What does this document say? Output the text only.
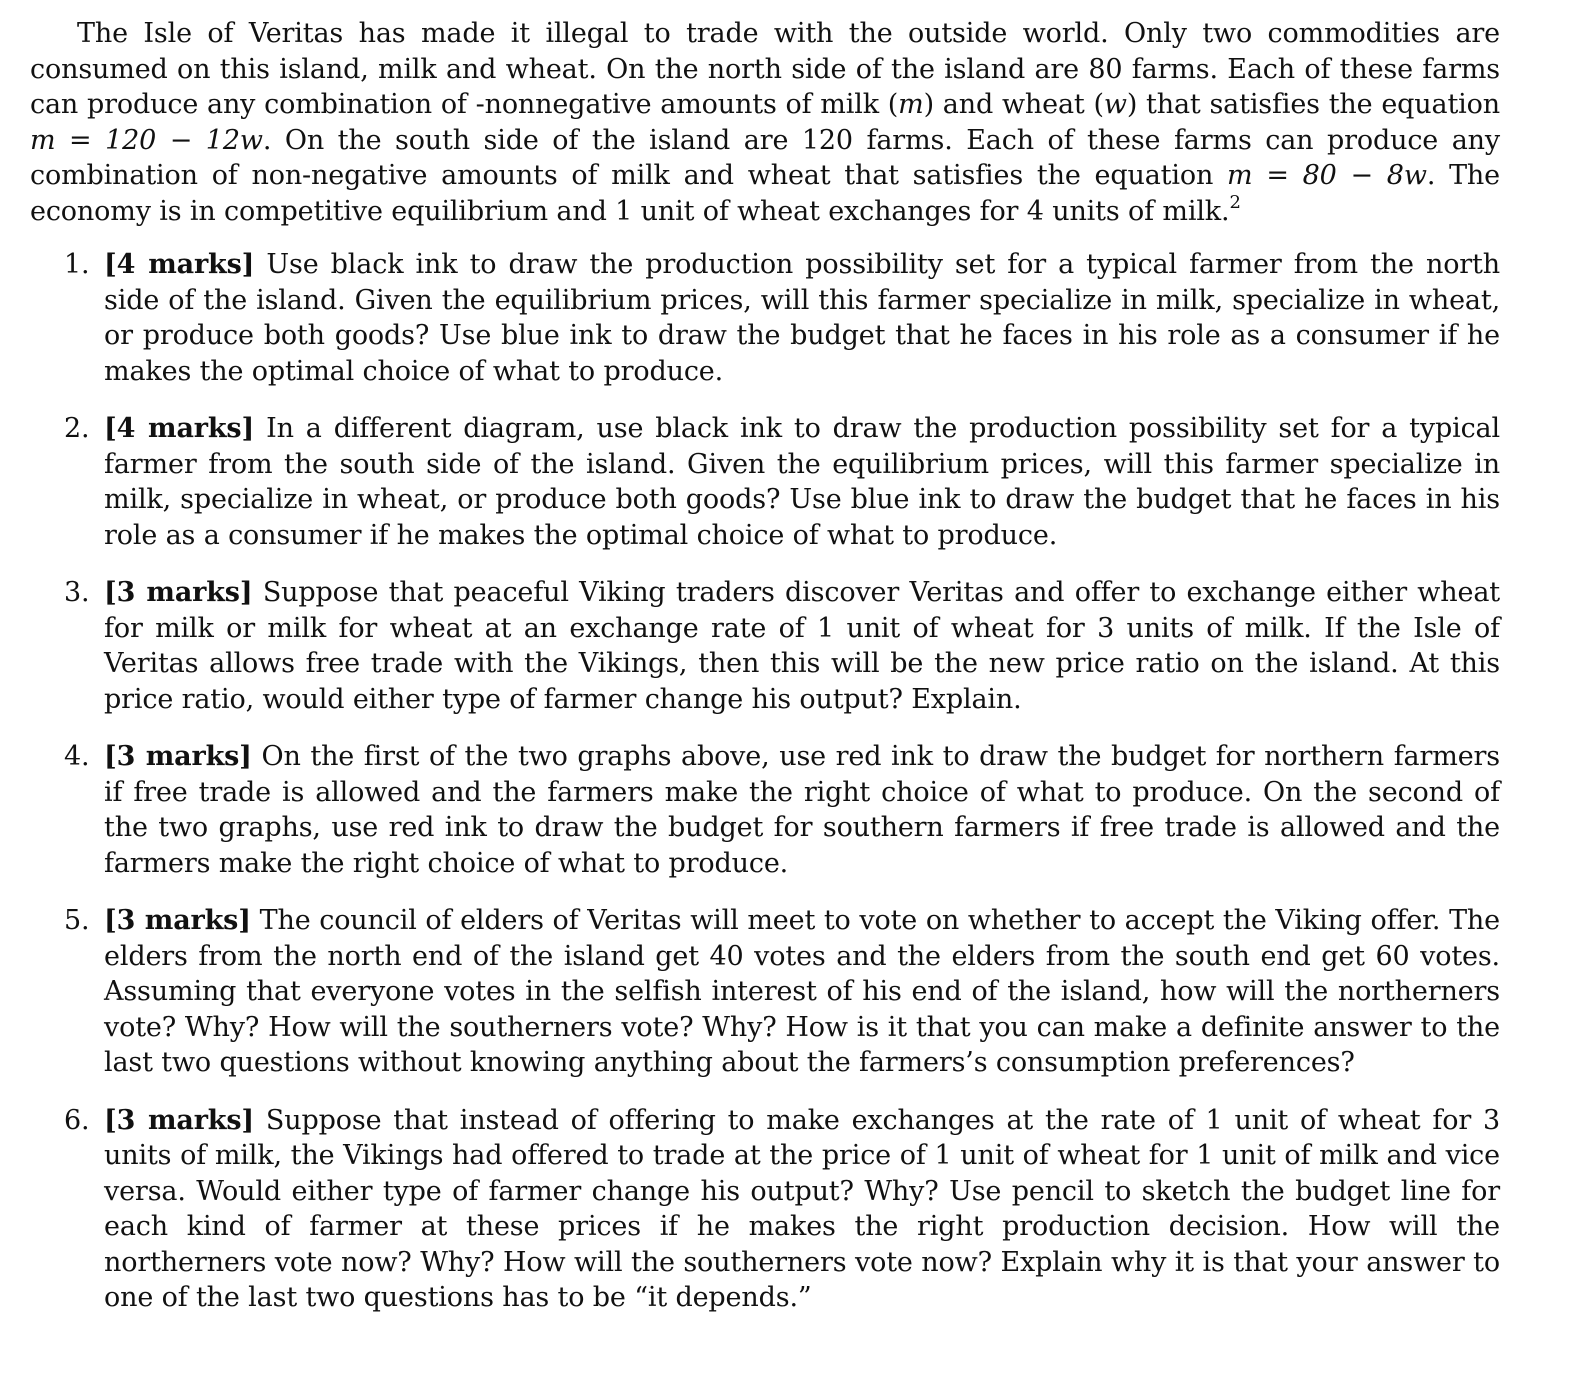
The Isle of Veritas has made it illegal to trade with the outside world. Only two commodities are consumed on this island, milk and wheat. On the north side of the island are 80 farms. Each of these farms can produce any combination of -nonnegative amounts of milk (m) and wheat (w) that satisfies the equation m = 120 − 12w. On the south side of the island are 120 farms. Each of these farms can produce any combination of non-negative amounts of milk and wheat that satisfies the equation m = 80 − 8w. The economy is in competitive equilibrium and 1 unit of wheat exchanges for 4 units of milk.$^2$

1. [4 marks] Use black ink to draw the production possibility set for a typical farmer from the north side of the island. Given the equilibrium prices, will this farmer specialize in milk, specialize in wheat, or produce both goods? Use blue ink to draw the budget that he faces in his role as a consumer if he makes the optimal choice of what to produce.
2. [4 marks] In a different diagram, use black ink to draw the production possibility set for a typical farmer from the south side of the island. Given the equilibrium prices, will this farmer specialize in milk, specialize in wheat, or produce both goods? Use blue ink to draw the budget that he faces in his role as a consumer if he makes the optimal choice of what to produce.
3. [3 marks] Suppose that peaceful Viking traders discover Veritas and offer to exchange either wheat for milk or milk for wheat at an exchange rate of 1 unit of wheat for 3 units of milk. If the Isle of Veritas allows free trade with the Vikings, then this will be the new price ratio on the island. At this price ratio, would either type of farmer change his output? Explain.
4. [3 marks] On the first of the two graphs above, use red ink to draw the budget for northern farmers if free trade is allowed and the farmers make the right choice of what to produce. On the second of the two graphs, use red ink to draw the budget for southern farmers if free trade is allowed and the farmers make the right choice of what to produce.
5. [3 marks] The council of elders of Veritas will meet to vote on whether to accept the Viking offer. The elders from the north end of the island get 40 votes and the elders from the south end get 60 votes. Assuming that everyone votes in the selfish interest of his end of the island, how will the northerners vote? Why? How will the southerners vote? Why? How is it that you can make a definite answer to the last two questions without knowing anything about the farmers’s consumption preferences?
6. [3 marks] Suppose that instead of offering to make exchanges at the rate of 1 unit of wheat for 3 units of milk, the Vikings had offered to trade at the price of 1 unit of wheat for 1 unit of milk and vice versa. Would either type of farmer change his output? Why? Use pencil to sketch the budget line for each kind of farmer at these prices if he makes the right production decision. How will the northerners vote now? Why? How will the southerners vote now? Explain why it is that your answer to one of the last two questions has to be “it depends.”
